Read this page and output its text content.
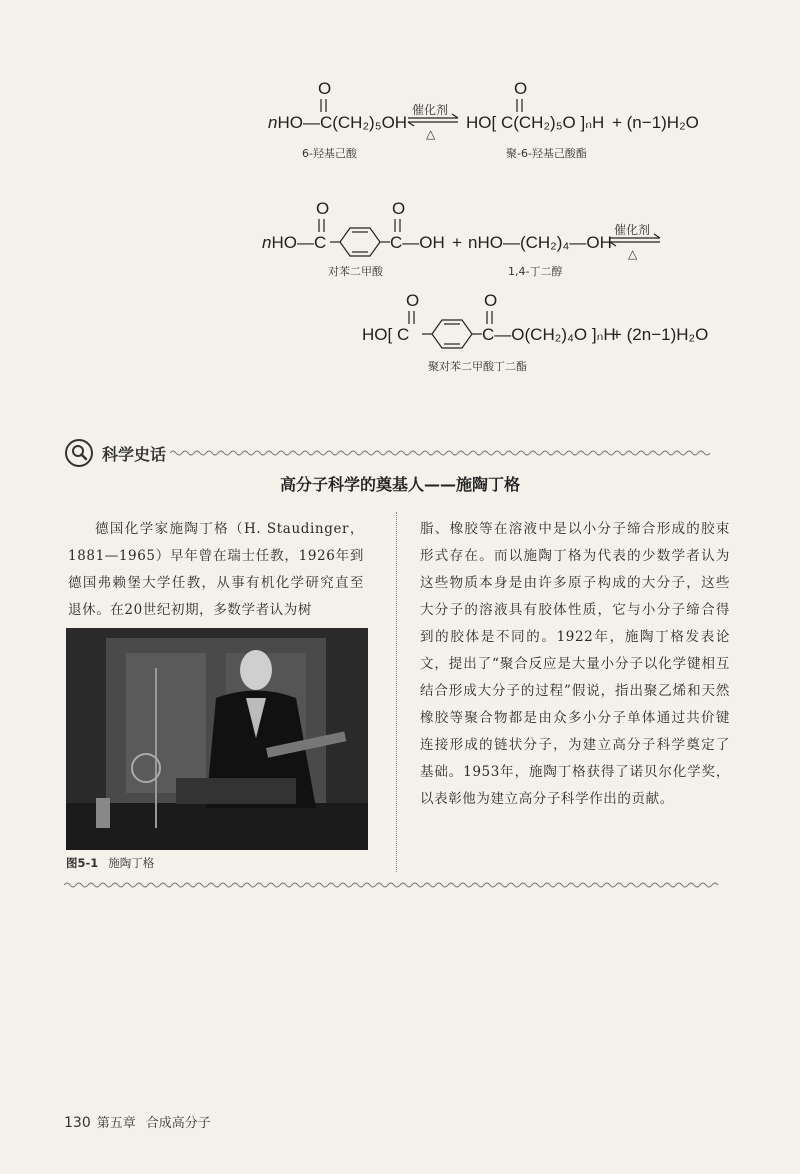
O
nHO—C(CH₂)₅OH
6-羟基己酸
催化剂
△
O
HO[ C(CH₂)₅O ]ₙH + (n−1)H₂O
聚-6-羟基己酸酯
O
nHO—C
O
C—OH + nHO—(CH₂)₄—OH
对苯二甲酸	1,4-丁二醇
催化剂
△
O
HO[ C
O
C—O(CH₂)₄O ]ₙH
+ (2n−1)H₂O
聚对苯二甲酸丁二酯
科学史话
高分子科学的奠基人——施陶丁格
德国化学家施陶丁格（H. Staudinger，1881—1965）早年曾在瑞士任教，1926年到德国弗赖堡大学任教，从事有机化学研究直至退休。在20世纪初期，多数学者认为树
图5-1 施陶丁格
脂、橡胶等在溶液中是以小分子缔合形成的胶束形式存在。而以施陶丁格为代表的少数学者认为这些物质本身是由许多原子构成的大分子，这些大分子的溶液具有胶体性质，它与小分子缔合得到的胶体是不同的。1922年，施陶丁格发表论文，提出了“聚合反应是大量小分子以化学键相互结合形成大分子的过程”假说，指出聚乙烯和天然橡胶等聚合物都是由众多小分子单体通过共价键连接形成的链状分子，为建立高分子科学奠定了基础。1953年，施陶丁格获得了诺贝尔化学奖，以表彰他为建立高分子科学作出的贡献。
130 第五章 合成高分子
